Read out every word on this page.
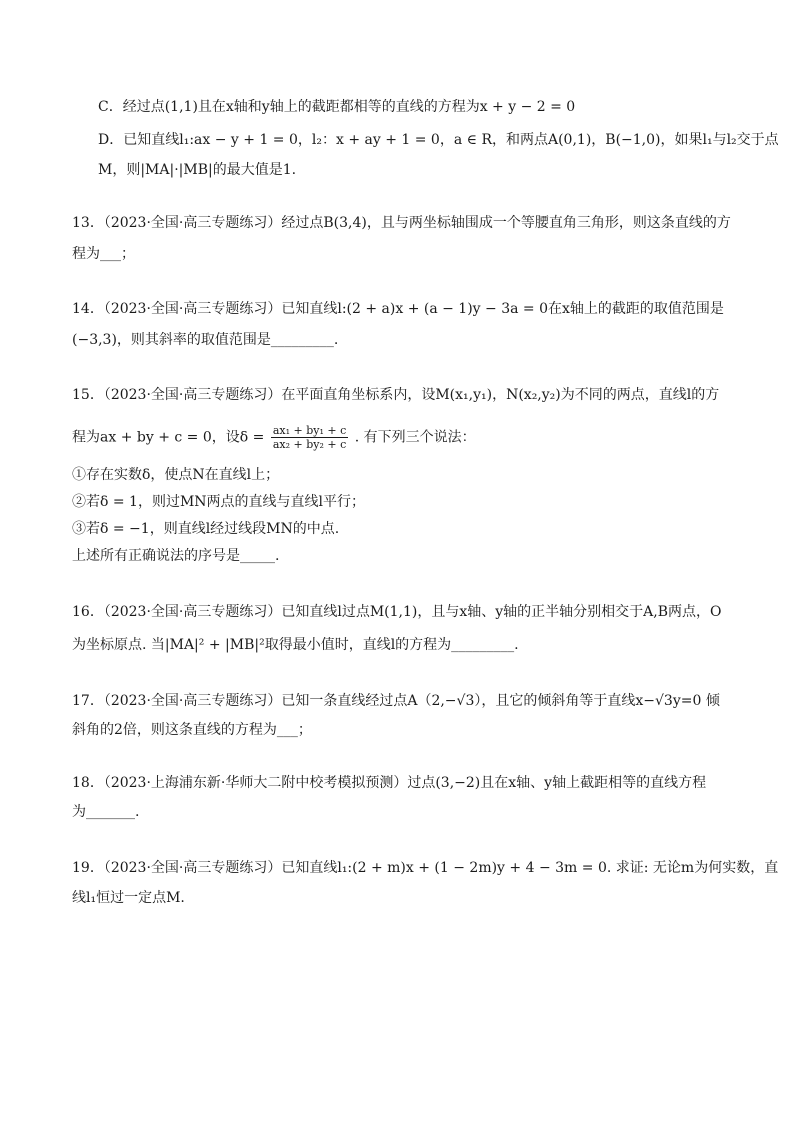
C．经过点(1,1)且在x轴和y轴上的截距都相等的直线的方程为x + y − 2 = 0
D．已知直线l₁:ax − y + 1 = 0，l₂：x + ay + 1 = 0，a ∈ R，和两点A(0,1)，B(−1,0)，如果l₁与l₂交于点
M，则|MA|·|MB|的最大值是1.
13．（2023·全国·高三专题练习）经过点B(3,4)，且与两坐标轴围成一个等腰直角三角形，则这条直线的方
程为___；
14．（2023·全国·高三专题练习）已知直线l:(2 + a)x + (a − 1)y − 3a = 0在x轴上的截距的取值范围是
(−3,3)，则其斜率的取值范围是_________.
15．（2023·全国·高三专题练习）在平面直角坐标系内，设M(x₁,y₁)，N(x₂,y₂)为不同的两点，直线l的方
程为ax + by + c = 0，设$\delta = \frac{\text{ax₁ + by₁ + c}}{\text{ax₂ + by₂ + c}}$ . 有下列三个说法：
①存在实数δ，使点N在直线l上；
②若δ = 1，则过MN两点的直线与直线l平行；
③若δ = −1，则直线l经过线段MN的中点.
上述所有正确说法的序号是_____.
16．（2023·全国·高三专题练习）已知直线l过点M(1,1)，且与x轴、y轴的正半轴分别相交于A,B两点，O
为坐标原点. 当|MA|² + |MB|²取得最小值时，直线l的方程为_________.
17．（2023·全国·高三专题练习）已知一条直线经过点A（2,−√3），且它的倾斜角等于直线x−√3y=0 倾
斜角的2倍，则这条直线的方程为___；
18．（2023·上海浦东新·华师大二附中校考模拟预测）过点(3,−2)且在x轴、y轴上截距相等的直线方程
为_______.
19．（2023·全国·高三专题练习）已知直线l₁:(2 + m)x + (1 − 2m)y + 4 − 3m = 0. 求证: 无论m为何实数，直
线l₁恒过一定点M.
